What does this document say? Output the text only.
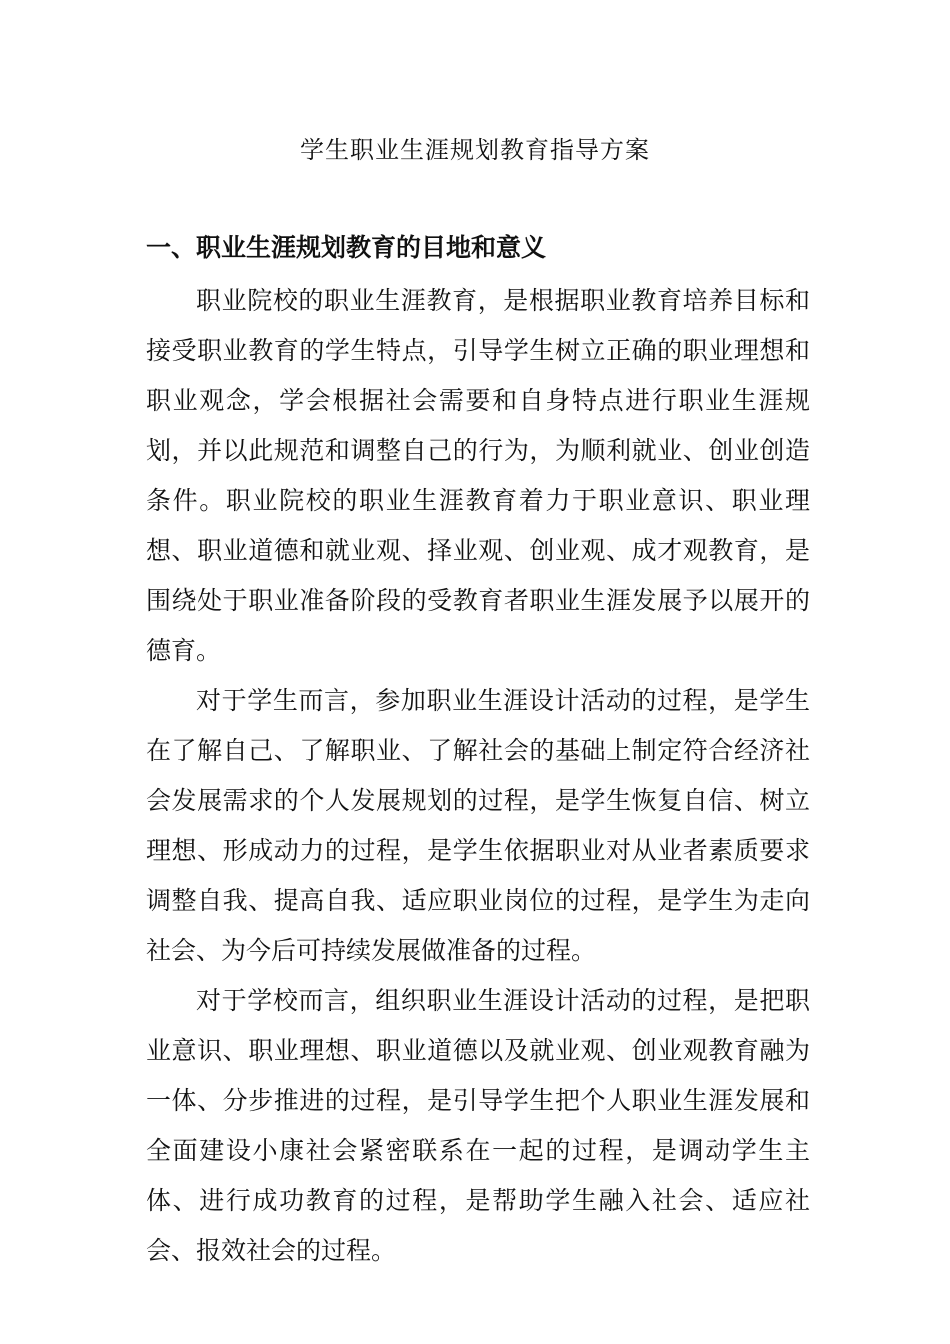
学生职业生涯规划教育指导方案
一、职业生涯规划教育的目地和意义

职业院校的职业生涯教育，是根据职业教育培养目标和接受职业教育的学生特点，引导学生树立正确的职业理想和职业观念，学会根据社会需要和自身特点进行职业生涯规划，并以此规范和调整自己的行为，为顺利就业、创业创造条件。职业院校的职业生涯教育着力于职业意识、职业理想、职业道德和就业观、择业观、创业观、成才观教育，是围绕处于职业准备阶段的受教育者职业生涯发展予以展开的德育。

对于学生而言，参加职业生涯设计活动的过程，是学生在了解自己、了解职业、了解社会的基础上制定符合经济社会发展需求的个人发展规划的过程，是学生恢复自信、树立理想、形成动力的过程，是学生依据职业对从业者素质要求调整自我、提高自我、适应职业岗位的过程，是学生为走向社会、为今后可持续发展做准备的过程。

对于学校而言，组织职业生涯设计活动的过程，是把职业意识、职业理想、职业道德以及就业观、创业观教育融为一体、分步推进的过程，是引导学生把个人职业生涯发展和全面建设小康社会紧密联系在一起的过程，是调动学生主体、进行成功教育的过程，是帮助学生融入社会、适应社会、报效社会的过程。
